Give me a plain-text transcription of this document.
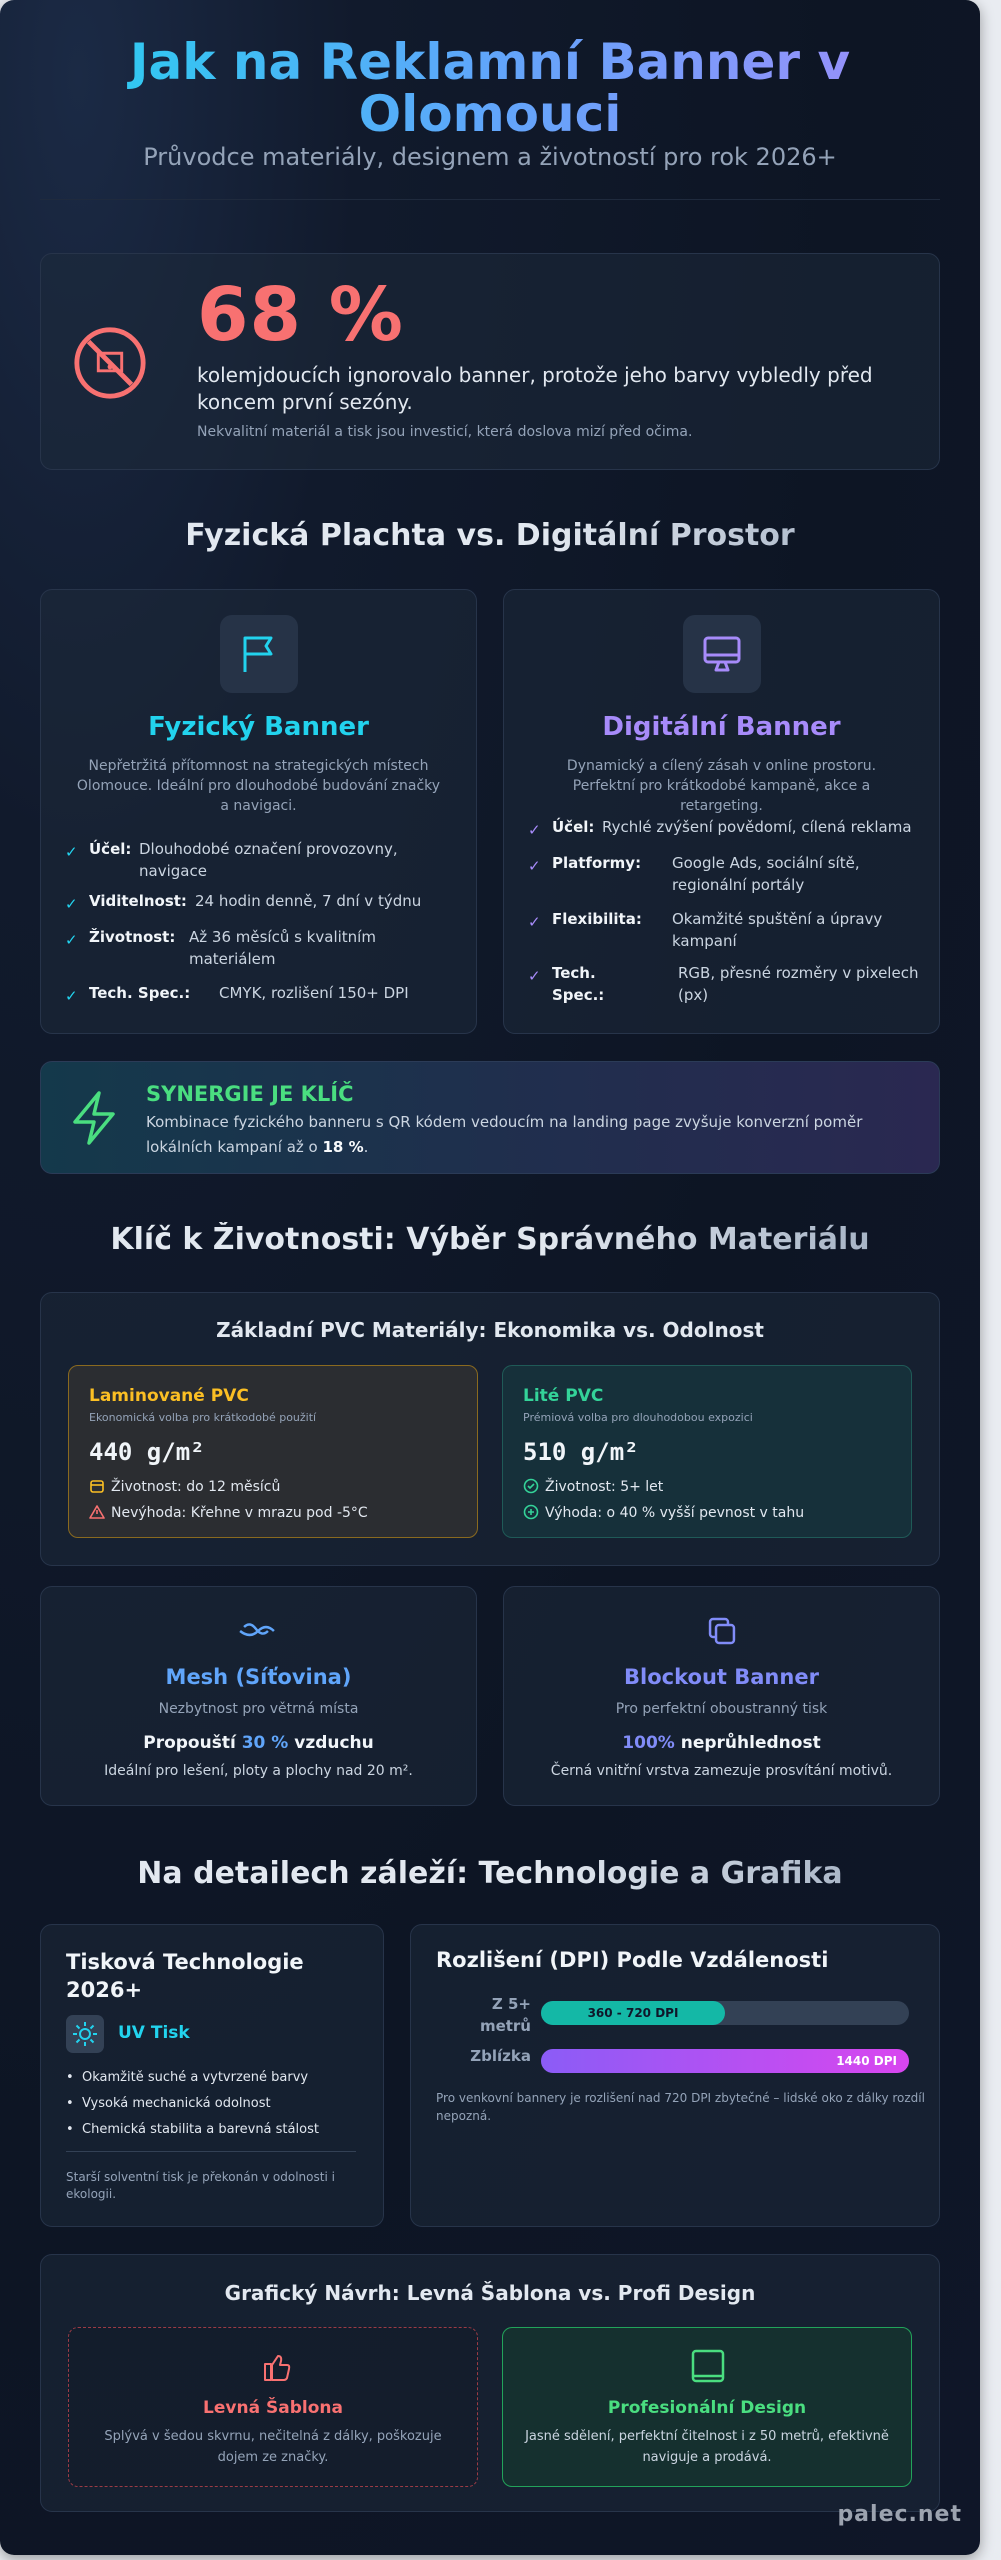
Jak na Reklamní Banner v Olomouci
Průvodce materiály, designem a životností pro rok 2026+
68 %
kolemjdoucích ignorovalo banner, protože jeho barvy vybledly před koncem první sezóny.
Nekvalitní materiál a tisk jsou investicí, která doslova mizí před očima.
Fyzická Plachta vs. Digitální Prostor
Fyzický Banner
Nepřetržitá přítomnost na strategických místech Olomouce. Ideální pro dlouhodobé budování značky a navigaci.
✓ Účel: Dlouhodobé označení provozovny, navigace
✓ Viditelnost: 24 hodin denně, 7 dní v týdnu
✓ Životnost: Až 36 měsíců s kvalitním materiálem
✓ Tech. Spec.: CMYK, rozlišení 150+ DPI
Digitální Banner
Dynamický a cílený zásah v online prostoru. Perfektní pro krátkodobé kampaně, akce a retargeting.
✓ Účel: Rychlé zvýšení povědomí, cílená reklama
✓ Platformy: Google Ads, sociální sítě, regionální portály
✓ Flexibilita: Okamžité spuštění a úpravy kampaní
✓ Tech. Spec.:
RGB, přesné rozměry v pixelech (px)
SYNERGIE JE KLÍČ
Kombinace fyzického banneru s QR kódem vedoucím na landing page zvyšuje konverzní poměr lokálních kampaní až o 18 %.
Klíč k Životnosti: Výběr Správného Materiálu
Základní PVC Materiály: Ekonomika vs. Odolnost
Laminované PVC
Ekonomická volba pro krátkodobé použití
440 g/m²
Životnost: do 12 měsíců
Nevýhoda: Křehne v mrazu pod -5°C
Lité PVC
Prémiová volba pro dlouhodobou expozici
510 g/m²
Životnost: 5+ let
Výhoda: o 40 % vyšší pevnost v tahu
Mesh (Síťovina)
Nezbytnost pro větrná místa
Propouští 30 % vzduchu
Ideální pro lešení, ploty a plochy nad 20 m².
Blockout Banner
Pro perfektní oboustranný tisk
100% neprůhlednost
Černá vnitřní vrstva zamezuje prosvítání motivů.
Na detailech záleží: Technologie a Grafika
Tisková Technologie 2026+
UV Tisk
• Okamžitě suché a vytvrzené barvy
• Vysoká mechanická odolnost
• Chemická stabilita a barevná stálost
Starší solventní tisk je překonán v odolnosti i ekologii.
Rozlišení (DPI) Podle Vzdálenosti
Z 5+ metrů
360 - 720 DPI
Zblízka	1440 DPI
Pro venkovní bannery je rozlišení nad 720 DPI zbytečné – lidské oko z dálky rozdíl nepozná.
Grafický Návrh: Levná Šablona vs. Profi Design
Levná Šablona
Splývá v šedou skvrnu, nečitelná z dálky, poškozuje dojem ze značky.
Profesionální Design
Jasné sdělení, perfektní čitelnost i z 50 metrů, efektivně naviguje a prodává.
palec.net
